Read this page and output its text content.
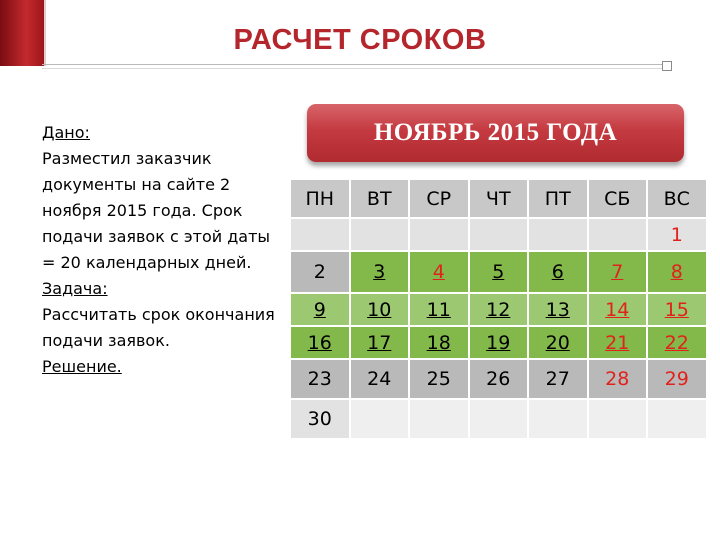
РАСЧЕТ СРОКОВ

Дано:

Разместил заказчик документы на сайте 2 ноября 2015 года. Срок подачи заявок с этой даты = 20 календарных дней.

Задача:

Рассчитать срок окончания подачи заявок.

Решение.

НОЯБРЬ 2015 ГОДА
ПН	ВТ	СР	ЧТ	ПТ	СБ	ВС
						1
2	3	4	5	6	7	8
9	10	11	12	13	14	15
16	17	18	19	20	21	22
23	24	25	26	27	28	29
30						
